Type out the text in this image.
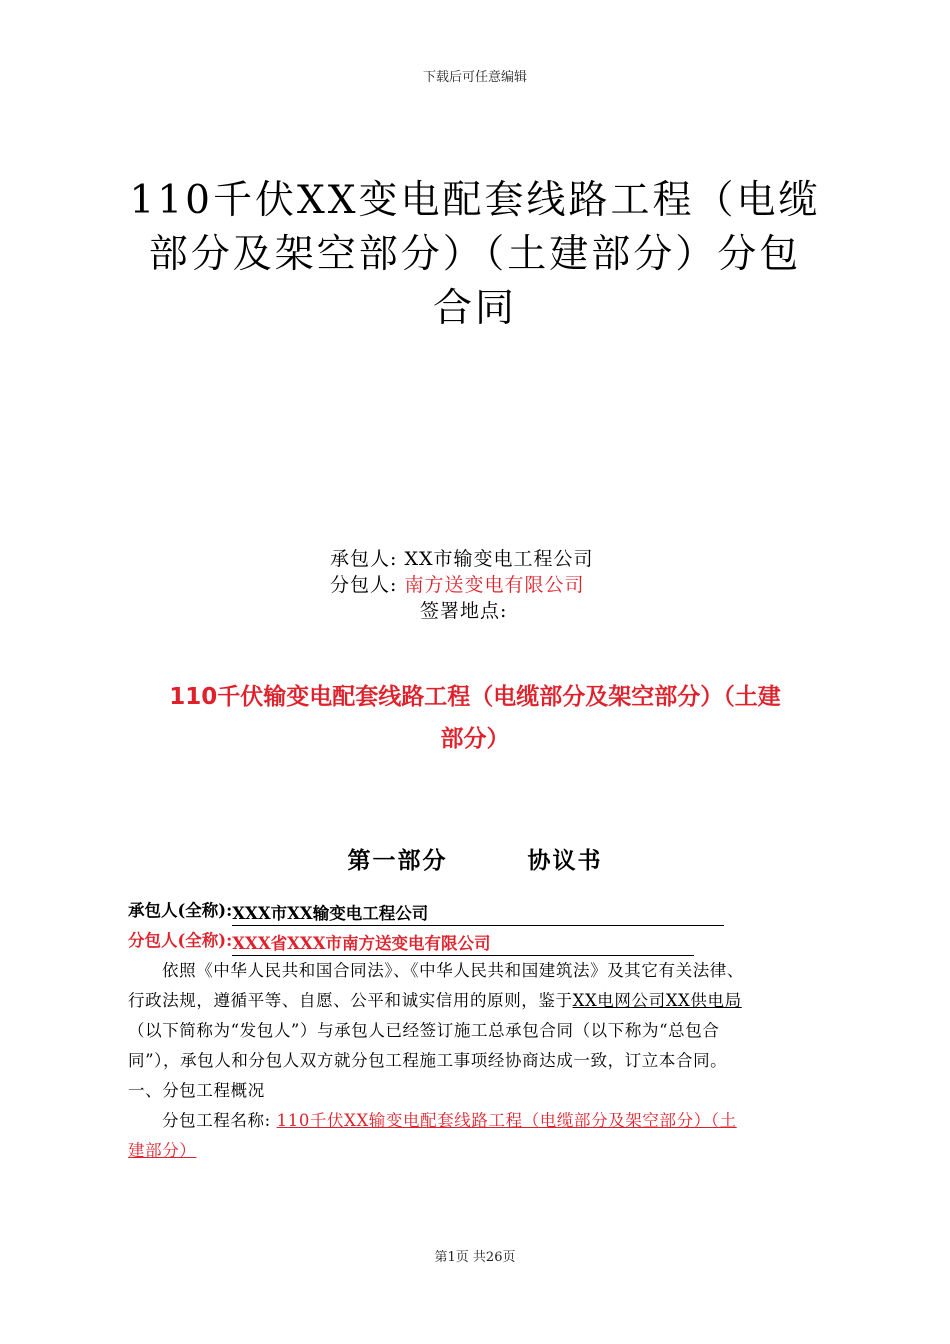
下载后可任意编辑
110千伏XX变电配套线路工程（电缆
部分及架空部分）（土建部分）分包
合同
承包人: XX市输变电工程公司
分包人: 南方送变电有限公司
签署地点:
110千伏输变电配套线路工程（电缆部分及架空部分）（土建
部分）
第一部分	协议书
承包人(全称):XXX市XX输变电工程公司
分包人(全称):XXX省XXX市南方送变电有限公司
依照《中华人民共和国合同法》、《中华人民共和国建筑法》及其它有关法律、
行政法规，遵循平等、自愿、公平和诚实信用的原则，鉴于XX电网公司XX供电局
（以下简称为“发包人”）与承包人已经签订施工总承包合同（以下称为“总包合
同”），承包人和分包人双方就分包工程施工事项经协商达成一致，订立本合同。
一、分包工程概况
分包工程名称: 110千伏XX输变电配套线路工程（电缆部分及架空部分）（土
建部分）
第1页 共26页
